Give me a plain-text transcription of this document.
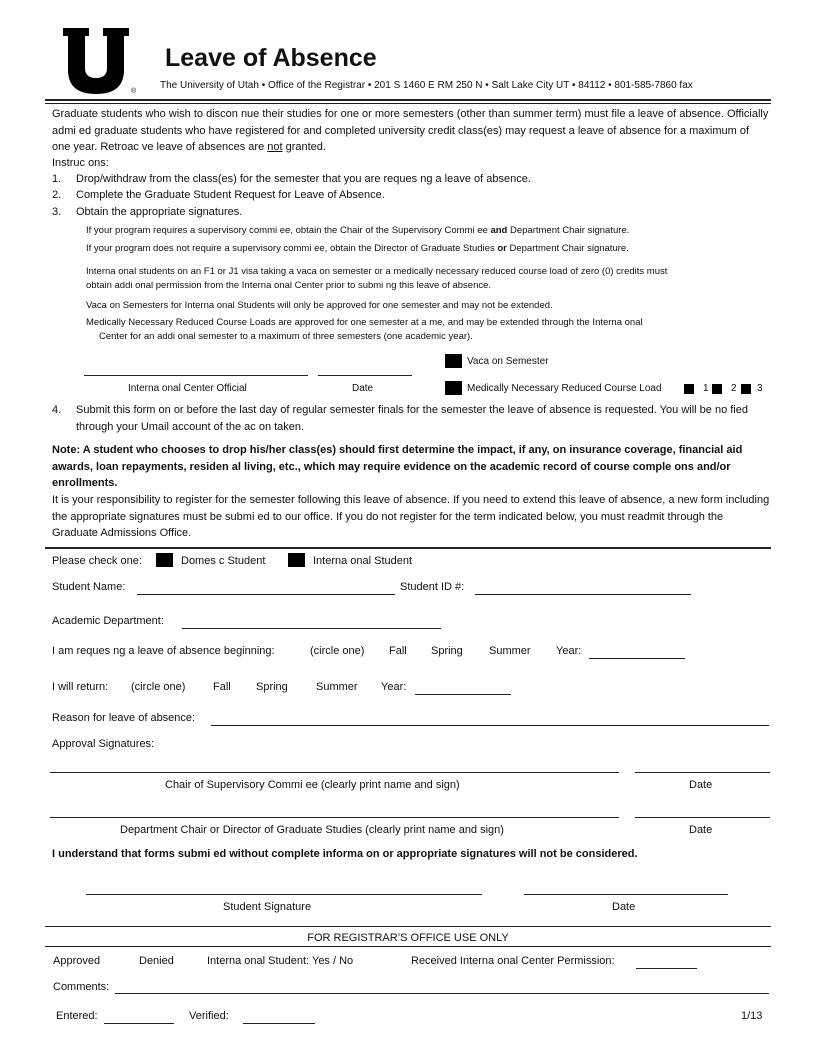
®
Leave of Absence
The University of Utah • Office of the Registrar • 201 S 1460 E RM 250 N • Salt Lake City UT • 84112 • 801-585-7860 fax
Graduate students who wish to discon nue their studies for one or more semesters (other than summer term) must file a leave of absence. Officially admi ed graduate students who have registered for and completed university credit class(es) may request a leave of absence for a maximum of one year. Retroac ve leave of absences are not granted.
Instruc ons:
1. Drop/withdraw from the class(es) for the semester that you are reques ng a leave of absence.
2. Complete the Graduate Student Request for Leave of Absence.
3. Obtain the appropriate signatures.
If your program requires a supervisory commi ee, obtain the Chair of the Supervisory Commi ee and Department Chair signature.
If your program does not require a supervisory commi ee, obtain the Director of Graduate Studies or Department Chair signature.
Interna onal students on an F1 or J1 visa taking a vaca on semester or a medically necessary reduced course load of zero (0) credits must
obtain addi onal permission from the Interna onal Center prior to submi ng this leave of absence.
Vaca on Semesters for Interna onal Students will only be approved for one semester and may not be extended.
Medically Necessary Reduced Course Loads are approved for one semester at a me, and may be extended through the Interna onal
Center for an addi onal semester to a maximum of three semesters (one academic year).
Interna onal Center Official	Date
Vaca on Semester
Medically Necessary Reduced Course Load	1 2 3
4. Submit this form on or before the last day of regular semester finals for the semester the leave of absence is requested. You will be no fied through your Umail account of the ac on taken.
Note: A student who chooses to drop his/her class(es) should first determine the impact, if any, on insurance coverage, financial aid awards, loan repayments, residen al living, etc., which may require evidence on the academic record of course comple ons and/or enrollments.
It is your responsibility to register for the semester following this leave of absence. If you need to extend this leave of absence, a new form including the appropriate signatures must be submi ed to our office. If you do not register for the term indicated below, you must readmit through the Graduate Admissions Office.
Please check one:	Domes c Student	Interna onal Student
Student Name:	Student ID #:
Academic Department:
I am reques ng a leave of absence beginning:	(circle one) Fall Spring Summer Year:
I will return: (circle one)	Fall Spring	Summer Year:
Reason for leave of absence:
Approval Signatures:
Chair of Supervisory Commi ee (clearly print name and sign)	Date
Department Chair or Director of Graduate Studies (clearly print name and sign)	Date
I understand that forms submi ed without complete informa on or appropriate signatures will not be considered.
Student Signature	Date
FOR REGISTRAR’S OFFICE USE ONLY
Approved	Denied	Interna onal Student: Yes / No	Received Interna onal Center Permission:
Comments:
Entered:	Verified:	1/13
